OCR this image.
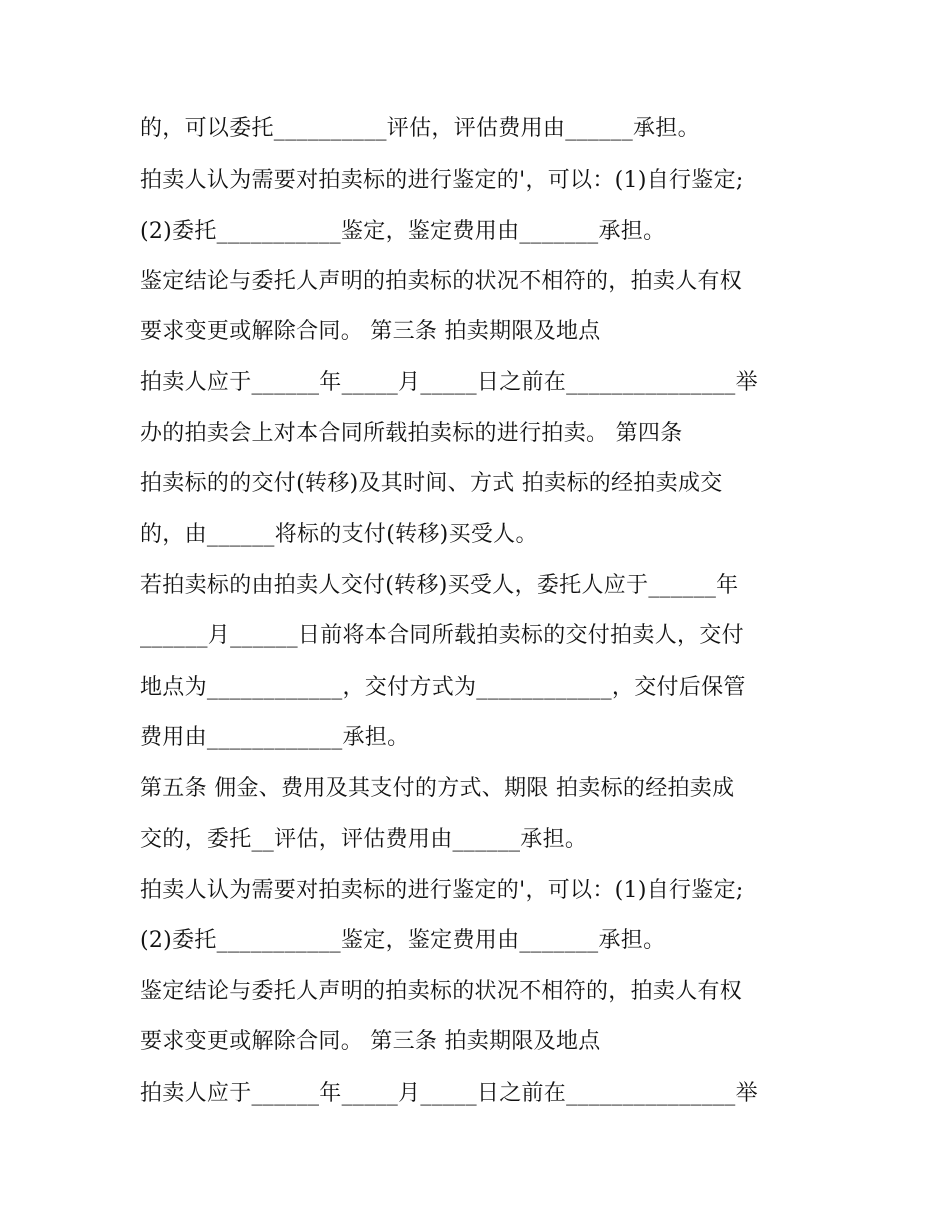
的，可以委托__________评估，评估费用由______承担。
拍卖人认为需要对拍卖标的进行鉴定的'，可以：(1)自行鉴定;
(2)委托___________鉴定，鉴定费用由_______承担。
鉴定结论与委托人声明的拍卖标的状况不相符的，拍卖人有权
要求变更或解除合同。 第三条 拍卖期限及地点
拍卖人应于______年_____月_____日之前在_______________举
办的拍卖会上对本合同所载拍卖标的进行拍卖。 第四条
拍卖标的的交付(转移)及其时间、方式 拍卖标的经拍卖成交
的，由______将标的支付(转移)买受人。
若拍卖标的由拍卖人交付(转移)买受人，委托人应于______年
______月______日前将本合同所载拍卖标的交付拍卖人，交付
地点为____________，交付方式为____________，交付后保管
费用由____________承担。
第五条 佣金、费用及其支付的方式、期限 拍卖标的经拍卖成
交的，委托__评估，评估费用由______承担。
拍卖人认为需要对拍卖标的进行鉴定的'，可以：(1)自行鉴定;
(2)委托___________鉴定，鉴定费用由_______承担。
鉴定结论与委托人声明的拍卖标的状况不相符的，拍卖人有权
要求变更或解除合同。 第三条 拍卖期限及地点
拍卖人应于______年_____月_____日之前在_______________举
